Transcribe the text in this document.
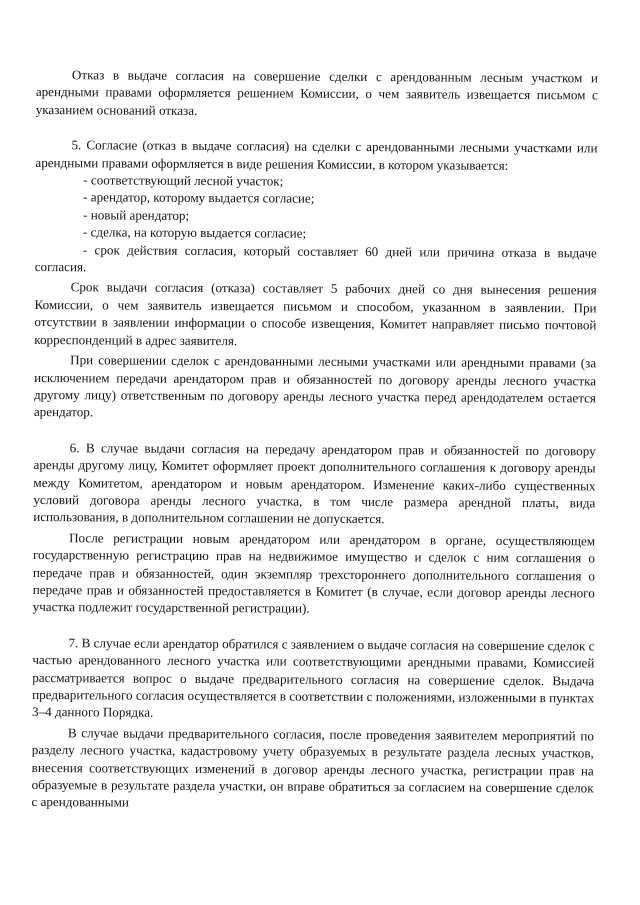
Отказ в выдаче согласия на совершение сделки с арендованным лесным участком и арендными правами оформляется решением Комиссии, о чем заявитель извещается письмом с указанием оснований отказа.

5. Согласие (отказ в выдаче согласия) на сделки с арендованными лесными участками или арендными правами оформляется в виде решения Комиссии, в котором указывается:

- соответствующий лесной участок;
- арендатор, которому выдается согласие;
- новый арендатор;
- сделка, на которую выдается согласие;
- срок действия согласия, который составляет 60 дней или причина отказа в выдаче согласия.

Срок выдачи согласия (отказа) составляет 5 рабочих дней со дня вынесения решения Комиссии, о чем заявитель извещается письмом и способом, указанном в заявлении. При отсутствии в заявлении информации о способе извещения, Комитет направляет письмо почтовой корреспонденций в адрес заявителя.

При совершении сделок с арендованными лесными участками или арендными правами (за исключением передачи арендатором прав и обязанностей по договору аренды лесного участка другому лицу) ответственным по договору аренды лесного участка перед арендодателем остается арендатор.

6. В случае выдачи согласия на передачу арендатором прав и обязанностей по договору аренды другому лицу, Комитет оформляет проект дополнительного соглашения к договору аренды между Комитетом, арендатором и новым арендатором. Изменение каких-либо существенных условий договора аренды лесного участка, в том числе размера арендной платы, вида использования, в дополнительном соглашении не допускается.

После регистрации новым арендатором или арендатором в органе, осуществляющем государственную регистрацию прав на недвижимое имущество и сделок с ним соглашения о передаче прав и обязанностей, один экземпляр трехстороннего дополнительного соглашения о передаче прав и обязанностей предоставляется в Комитет (в случае, если договор аренды лесного участка подлежит государственной регистрации).

7. В случае если арендатор обратился с заявлением о выдаче согласия на совершение сделок с частью арендованного лесного участка или соответствующими арендными правами, Комиссией рассматривается вопрос о выдаче предварительного согласия на совершение сделок. Выдача предварительного согласия осуществляется в соответствии с положениями, изложенными в пунктах 3–4 данного Порядка.

В случае выдачи предварительного согласия, после проведения заявителем мероприятий по разделу лесного участка, кадастровому учету образуемых в результате раздела лесных участков, внесения соответствующих изменений в договор аренды лесного участка, регистрации прав на образуемые в результате раздела участки, он вправе обратиться за согласием на совершение сделок с арендованными
